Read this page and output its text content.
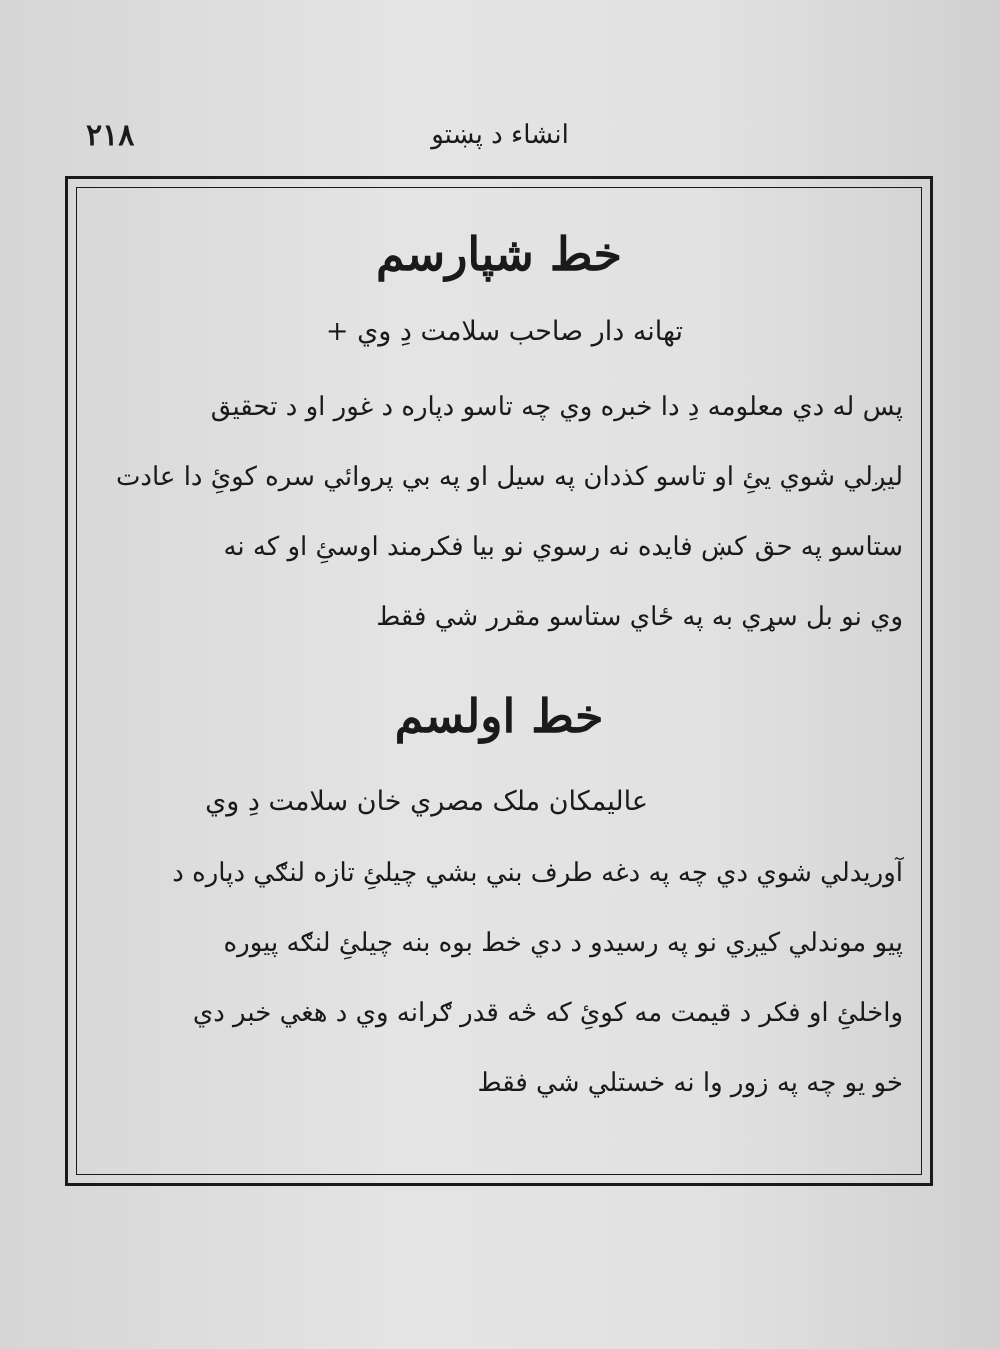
۲۱۸	انشاء د پښتو
خط شپارسم
تهانه دار صاحب سلامت دِ وي +
پس له دي معلومه دِ دا خبره وي چه تاسو دپاره د غور او د تحقيق
ليږلي شوي يئِ او تاسو کذدان په سيل او په بي پروائي سره کوئِ دا عادت
ستاسو په حق کښ فايده نه رسوي نو بيا فکرمند اوسئِ او که نه
وي نو بل سړي به په ځاي ستاسو مقرر شي فقط
خط اولسم
عاليمکان ملک مصري خان سلامت دِ وي
آوريدلي شوي دي چه په دغه طرف بني بشي چيلئِ تازه لنګي دپاره د
پيو موندلي کيږي نو په رسيدو د دي خط بوه بنه چيلئِ لنګه پيوره
واخلئِ او فکر د قيمت مه کوئِ که څه قدر ګرانه وي د هغي خبر دي
خو يو چه په زور وا نه خستلي شي فقط
